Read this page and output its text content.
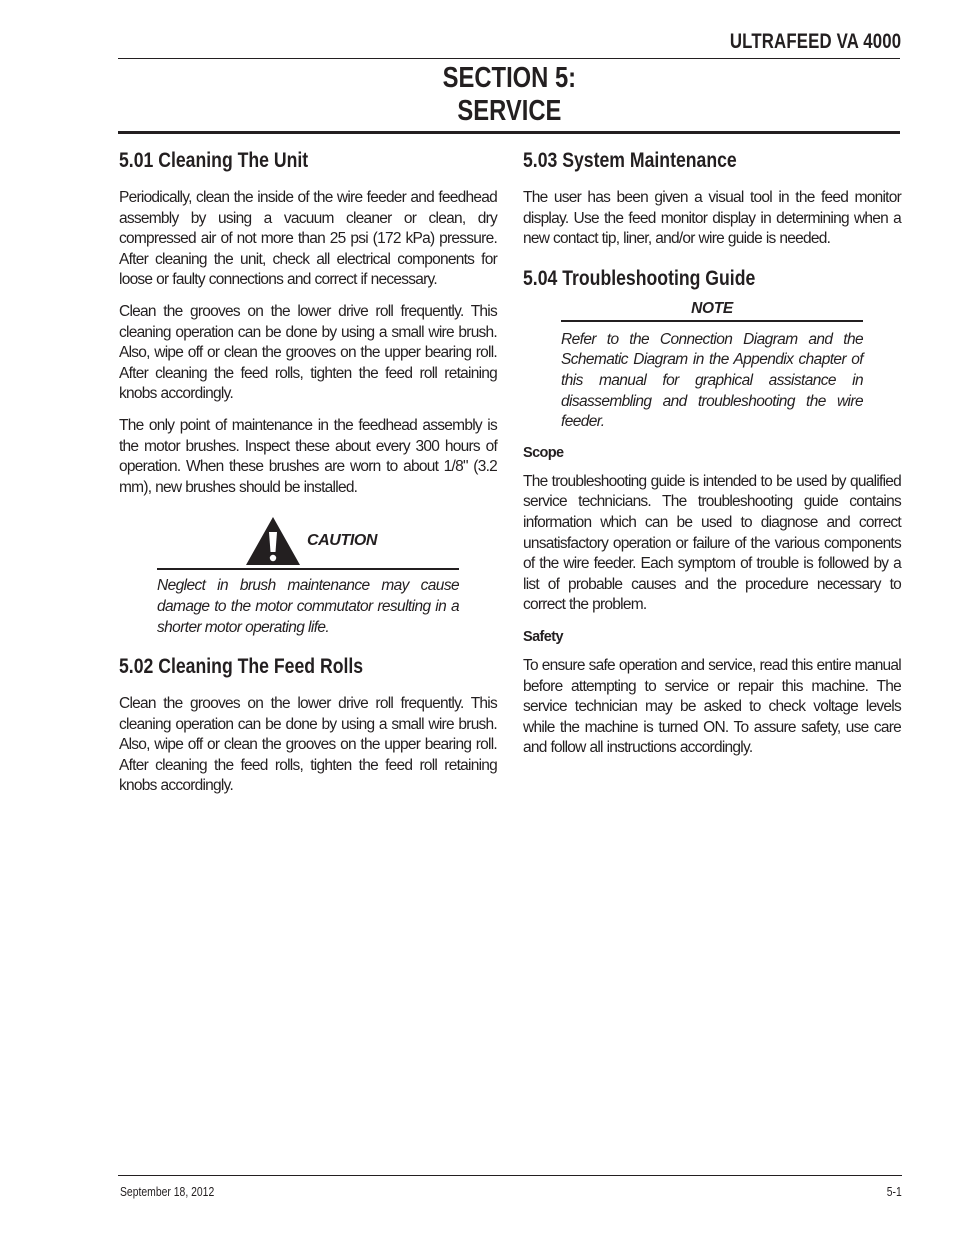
ULTRAFEED VA 4000
SECTION 5:
SERVICE
5.01 Cleaning The Unit

Periodically, clean the inside of the wire feeder and feedhead assembly by using a vacuum cleaner or clean, dry compressed air of not more than 25 psi (172 kPa) pressure. After cleaning the unit, check all electrical components for loose or faulty connections and correct if necessary.

Clean the grooves on the lower drive roll frequently. This cleaning operation can be done by using a small wire brush. Also, wipe off or clean the grooves on the upper bearing roll. After cleaning the feed rolls, tighten the feed roll retaining knobs accordingly.

The only point of maintenance in the feedhead assembly is the motor brushes. Inspect these about every 300 hours of operation. When these brushes are worn to about 1/8" (3.2 mm), new brushes should be installed.

CAUTION
Neglect in brush maintenance may cause damage to the motor commutator resulting in a shorter motor operating life.
5.02 Cleaning The Feed Rolls

Clean the grooves on the lower drive roll frequently. This cleaning operation can be done by using a small wire brush. Also, wipe off or clean the grooves on the upper bearing roll. After cleaning the feed rolls, tighten the feed roll retaining knobs accordingly.

5.03 System Maintenance

The user has been given a visual tool in the feed monitor display. Use the feed monitor display in determining when a new contact tip, liner, and/or wire guide is needed.

5.04 Troubleshooting Guide
NOTE
Refer to the Connection Diagram and the Schematic Diagram in the Appendix chapter of this manual for graphical assistance in disassembling and troubleshooting the wire feeder.
Scope

The troubleshooting guide is intended to be used by qualified service technicians. The troubleshooting guide contains information which can be used to diagnose and correct unsatisfactory operation or failure of the various components of the wire feeder. Each symptom of trouble is followed by a list of probable causes and the procedure necessary to correct the problem.

Safety

To ensure safe operation and service, read this entire manual before attempting to service or repair this machine. The service technician may be asked to check voltage levels while the machine is turned ON. To assure safety, use care and follow all instructions accordingly.

September 18, 2012	5-1
